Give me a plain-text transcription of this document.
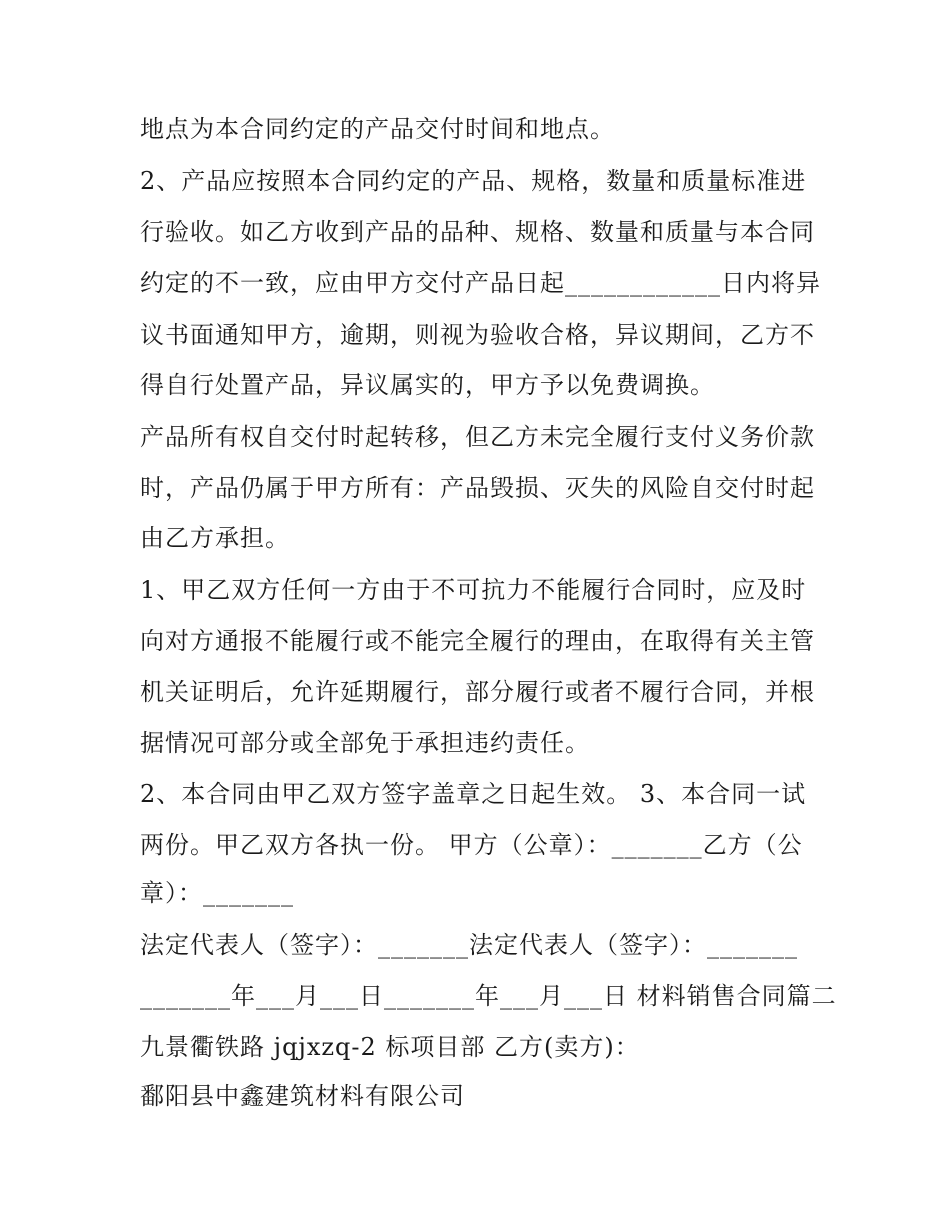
地点为本合同约定的产品交付时间和地点。
2、产品应按照本合同约定的产品、规格，数量和质量标准进
行验收。如乙方收到产品的品种、规格、数量和质量与本合同
约定的不一致，应由甲方交付产品日起____________日内将异
议书面通知甲方，逾期，则视为验收合格，异议期间，乙方不
得自行处置产品，异议属实的，甲方予以免费调换。
产品所有权自交付时起转移，但乙方未完全履行支付义务价款
时，产品仍属于甲方所有：产品毁损、灭失的风险自交付时起
由乙方承担。
1、甲乙双方任何一方由于不可抗力不能履行合同时，应及时
向对方通报不能履行或不能完全履行的理由，在取得有关主管
机关证明后，允许延期履行，部分履行或者不履行合同，并根
据情况可部分或全部免于承担违约责任。
2、本合同由甲乙双方签字盖章之日起生效。 3、本合同一试
两份。甲乙双方各执一份。 甲方（公章）：_______乙方（公
章）：_______
法定代表人（签字）：_______法定代表人（签字）：_______
_______年___月___日_______年___月___日 材料销售合同篇二
九景衢铁路 jqjxzq-2 标项目部 乙方(卖方)：
鄱阳县中鑫建筑材料有限公司
